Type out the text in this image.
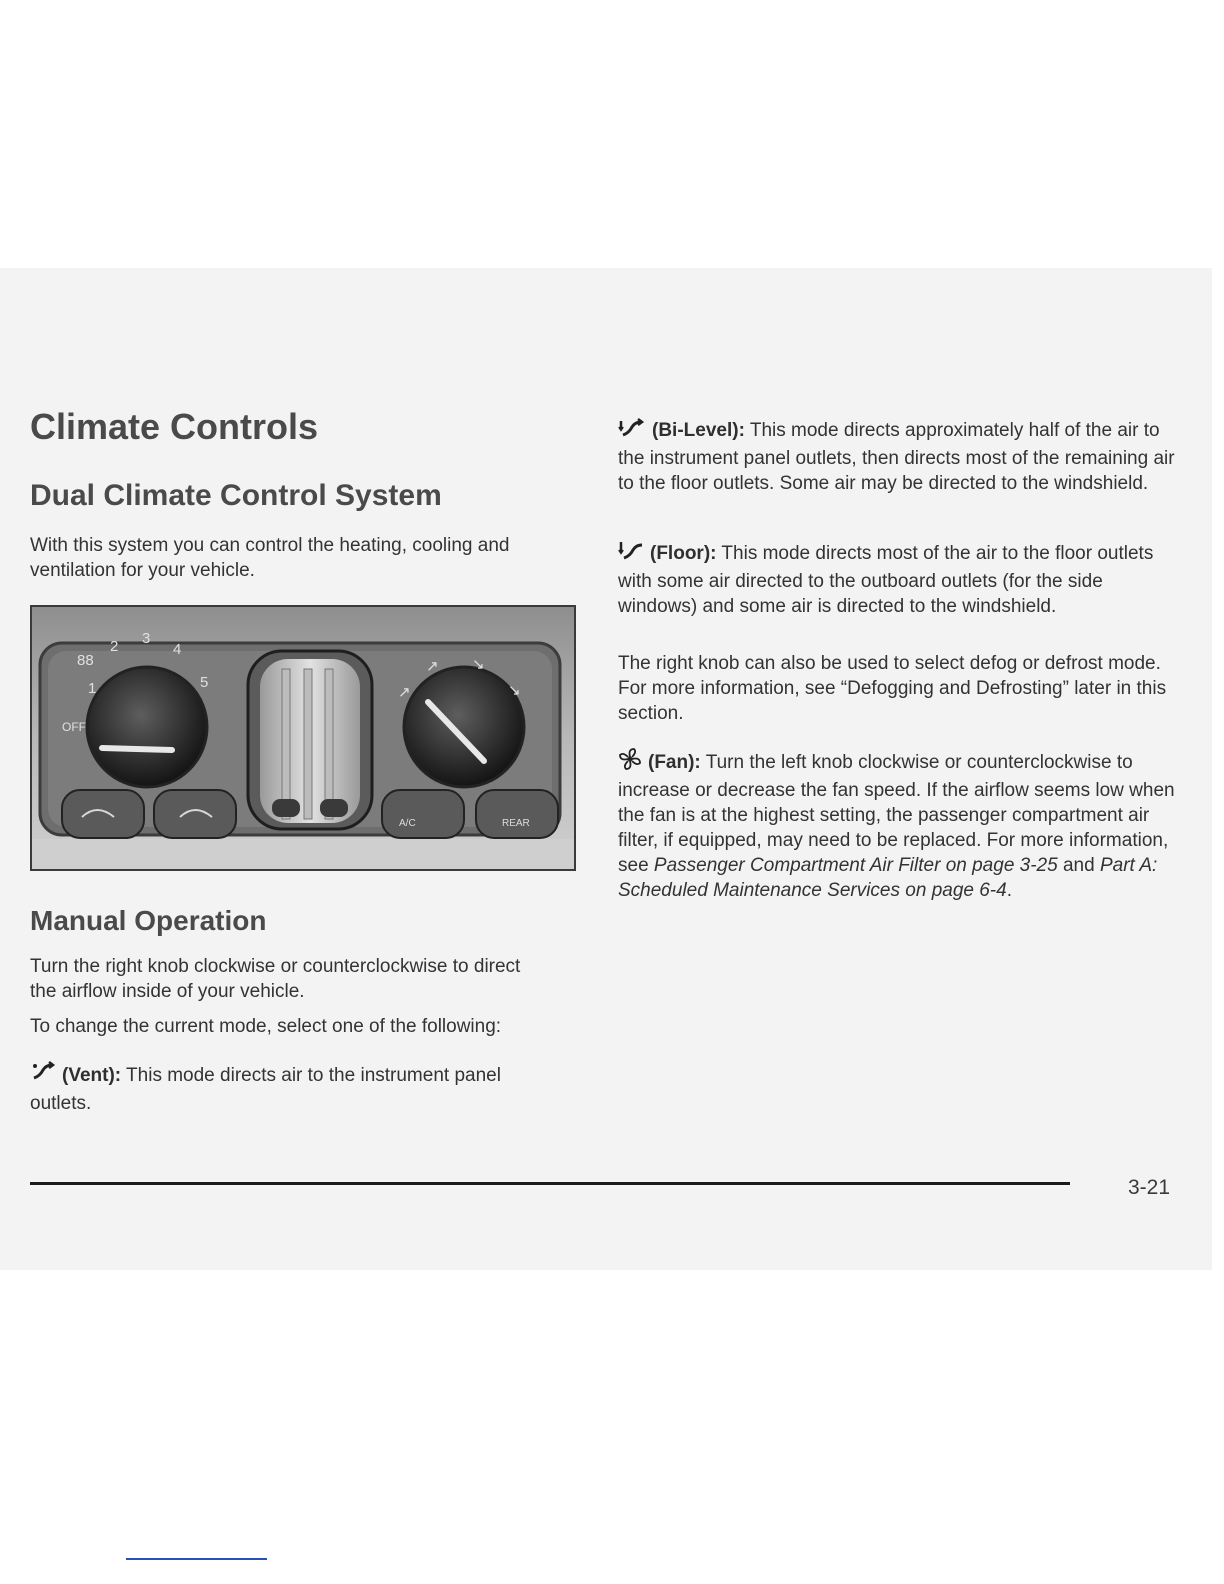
Climate Controls
Dual Climate Control System

With this system you can control the heating, cooling and ventilation for your vehicle.

88
2 3
4
5
1
OFF
↗ ↘
↗	↘
A/C	REAR
Manual Operation

Turn the right knob clockwise or counterclockwise to direct the airflow inside of your vehicle.

To change the current mode, select one of the following:

(Vent): This mode directs air to the instrument panel outlets.

(Bi-Level): This mode directs approximately half of the air to the instrument panel outlets, then directs most of the remaining air to the floor outlets. Some air may be directed to the windshield.

(Floor): This mode directs most of the air to the floor outlets with some air directed to the outboard outlets (for the side windows) and some air is directed to the windshield.

The right knob can also be used to select defog or defrost mode. For more information, see “Defogging and Defrosting” later in this section.

(Fan): Turn the left knob clockwise or counterclockwise to increase or decrease the fan speed. If the airflow seems low when the fan is at the highest setting, the passenger compartment air filter, if equipped, may need to be replaced. For more information, see Passenger Compartment Air Filter on page 3-25 and Part A: Scheduled Maintenance Services on page 6-4.

3-21
